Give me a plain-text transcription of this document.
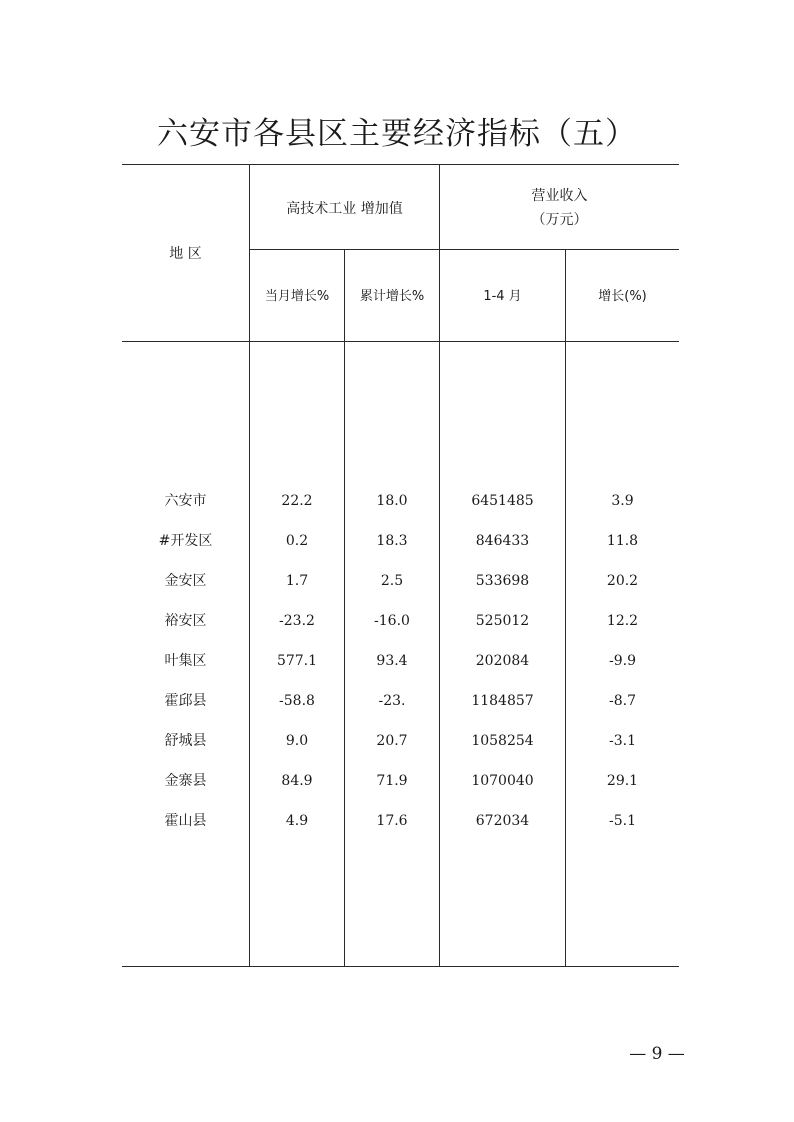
六安市各县区主要经济指标（五）
地 区
高技术工业 增加值
营业收入
（万元）
当月增长%	累计增长%	1-4 月	增长(%)
六安市	22.2	18.0	6451485	3.9
#开发区	0.2	18.3	846433	11.8
金安区	1.7	2.5	533698	20.2
裕安区	-23.2	-16.0	525012	12.2
叶集区	577.1	93.4	202084	-9.9
霍邱县	-58.8	-23.	1184857	-8.7
舒城县	9.0	20.7	1058254	-3.1
金寨县	84.9	71.9	1070040	29.1
霍山县	4.9	17.6	672034	-5.1
— 9 —
